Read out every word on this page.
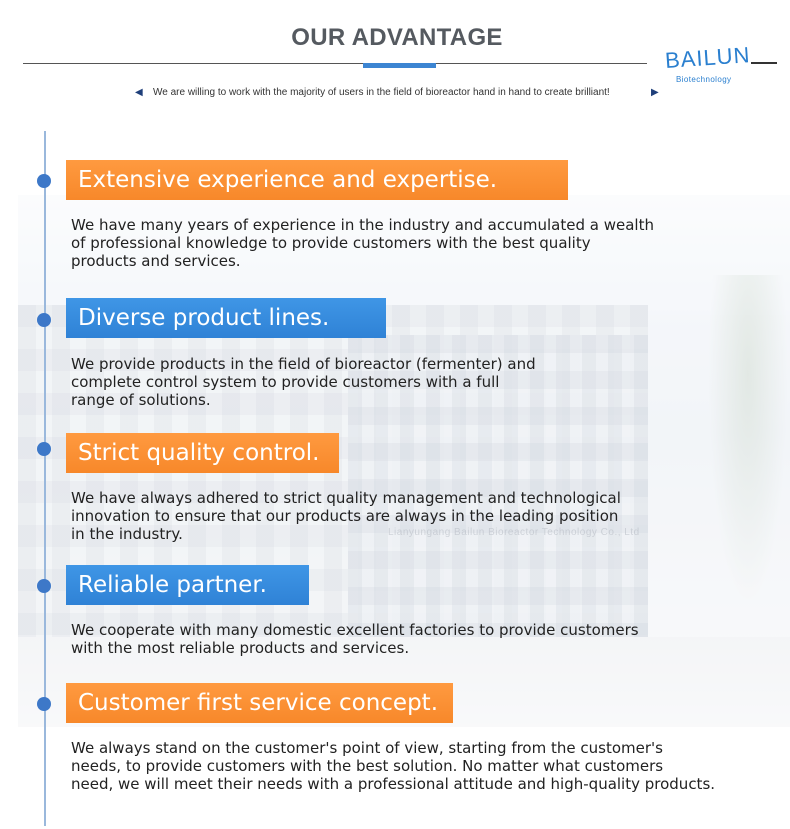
OUR ADVANTAGE
BAILUN
Biotechnology
◀ We are willing to work with the majority of users in the field of bioreactor hand in hand to create brilliant!	▶
Extensive experience and expertise.
We have many years of experience in the industry and accumulated a wealth
of professional knowledge to provide customers with the best quality
products and services.
Diverse product lines.
We provide products in the field of bioreactor (fermenter) and
complete control system to provide customers with a full
range of solutions.
Strict quality control.
We have always adhered to strict quality management and technological
innovation to ensure that our products are always in the leading position
in the industry.
Reliable partner.
We cooperate with many domestic excellent factories to provide customers
with the most reliable products and services.
Customer first service concept.
We always stand on the customer's point of view, starting from the customer's
needs, to provide customers with the best solution. No matter what customers
need, we will meet their needs with a professional attitude and high-quality products.
